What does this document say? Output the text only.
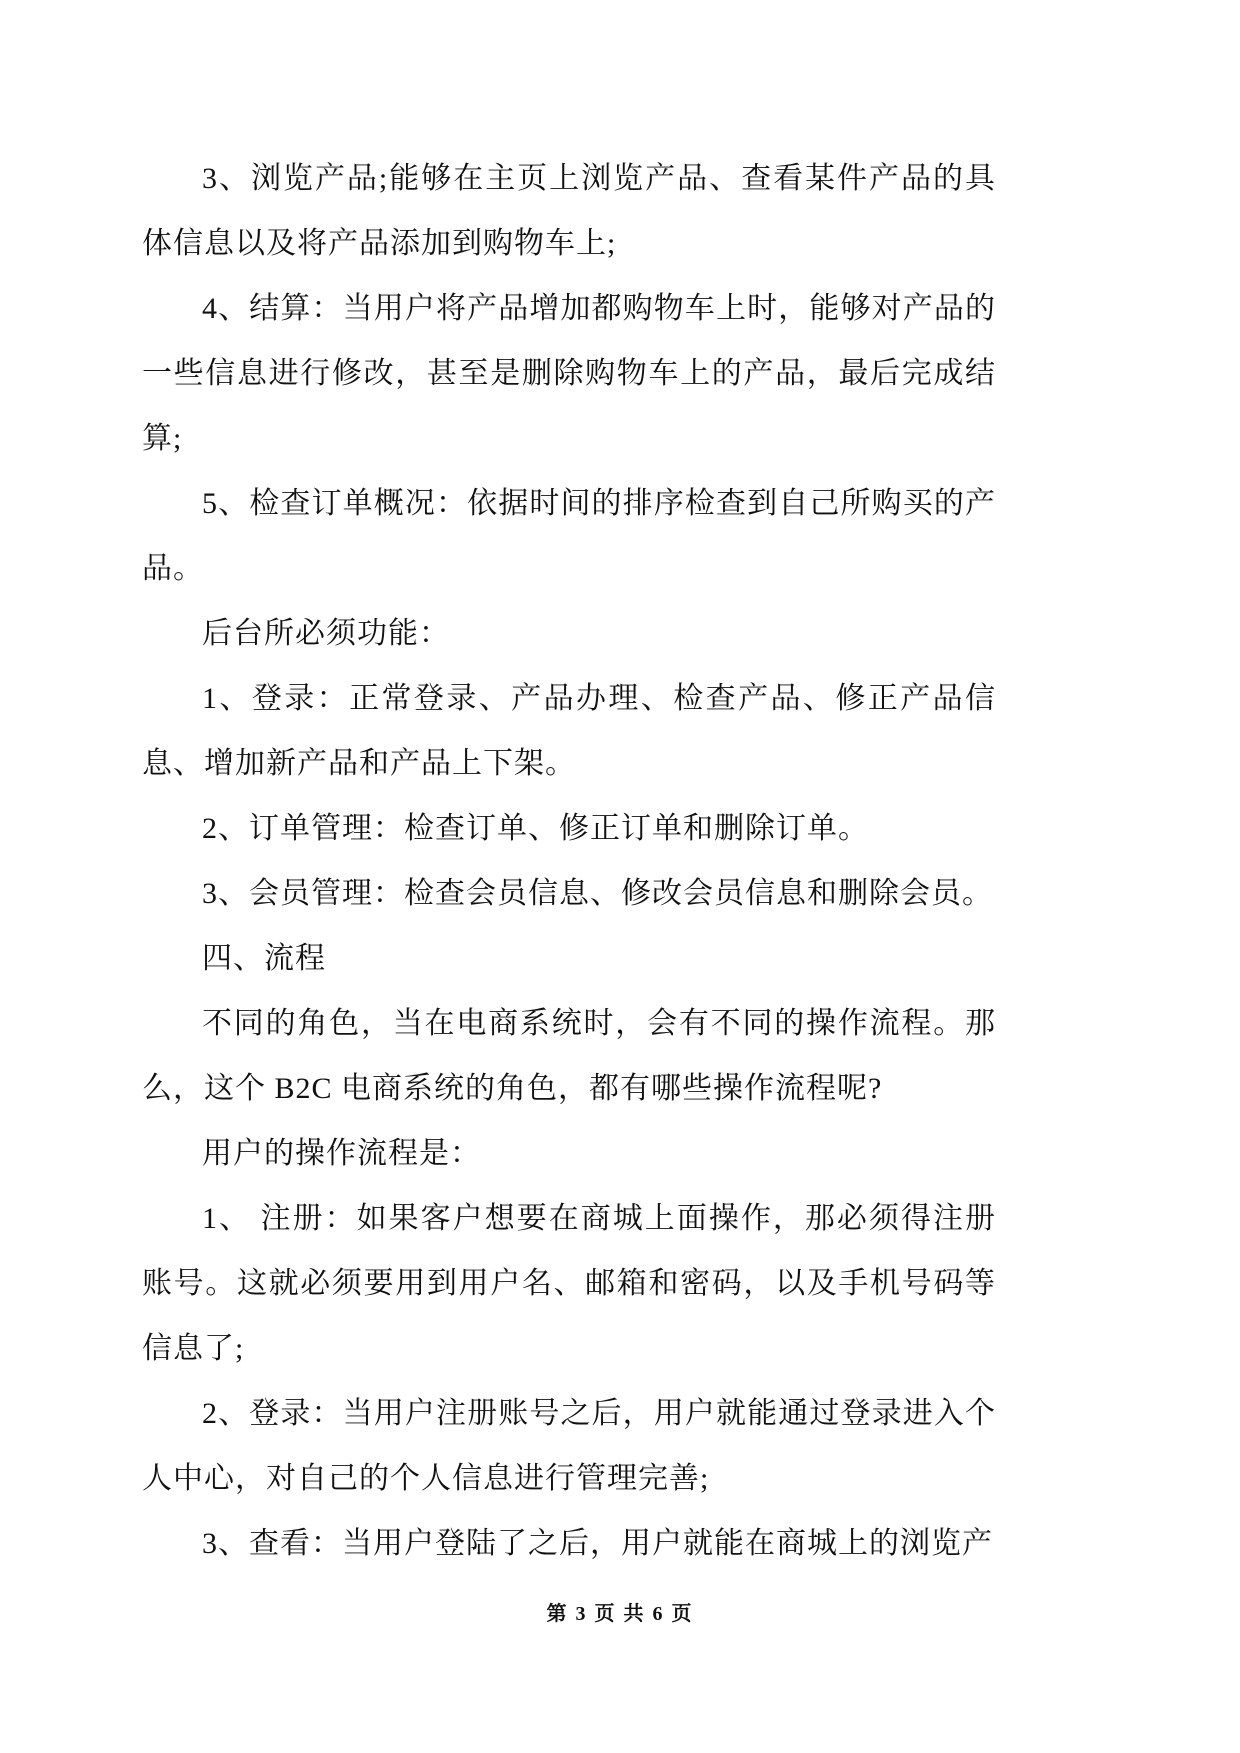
3、浏览产品;能够在主页上浏览产品、查看某件产品的具体信息以及将产品添加到购物车上;

4、结算：当用户将产品增加都购物车上时，能够对产品的一些信息进行修改，甚至是删除购物车上的产品，最后完成结算;

5、检查订单概况：依据时间的排序检查到自己所购买的产品。

后台所必须功能：

1、登录：正常登录、产品办理、检查产品、修正产品信息、增加新产品和产品上下架。

2、订单管理：检查订单、修正订单和删除订单。

3、会员管理：检查会员信息、修改会员信息和删除会员。

四、流程

不同的角色，当在电商系统时，会有不同的操作流程。那么，这个 B2C 电商系统的角色，都有哪些操作流程呢?

用户的操作流程是：

1、 注册：如果客户想要在商城上面操作，那必须得注册账号。这就必须要用到用户名、邮箱和密码，以及手机号码等信息了;

2、登录：当用户注册账号之后，用户就能通过登录进入个人中心，对自己的个人信息进行管理完善;

3、查看：当用户登陆了之后，用户就能在商城上的浏览产

第 3 页 共 6 页
